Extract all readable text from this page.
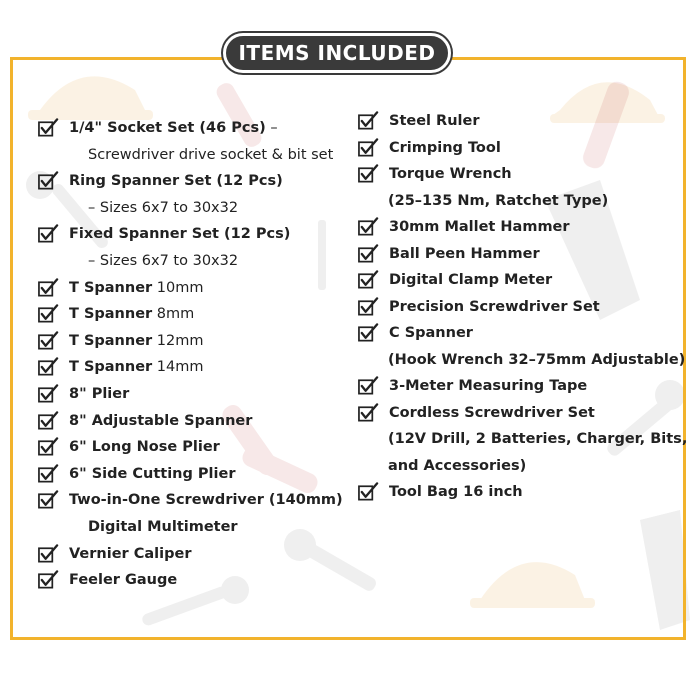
ITEMS INCLUDED
1/4" Socket Set (46 Pcs) –
Screwdriver drive socket & bit set
Ring Spanner Set (12 Pcs)
– Sizes 6x7 to 30x32
Fixed Spanner Set (12 Pcs)
– Sizes 6x7 to 30x32
T Spanner 10mm
T Spanner 8mm
T Spanner 12mm
T Spanner 14mm
8" Plier
8" Adjustable Spanner
6" Long Nose Plier
6" Side Cutting Plier
Two-in-One Screwdriver (140mm)
Digital Multimeter
Vernier Caliper
Feeler Gauge
Steel Ruler
Crimping Tool
Torque Wrench
(25–135 Nm, Ratchet Type)
30mm Mallet Hammer
Ball Peen Hammer
Digital Clamp Meter
Precision Screwdriver Set
C Spanner
(Hook Wrench 32–75mm Adjustable)
3-Meter Measuring Tape
Cordless Screwdriver Set
(12V Drill, 2 Batteries, Charger, Bits,
and Accessories)
Tool Bag 16 inch
